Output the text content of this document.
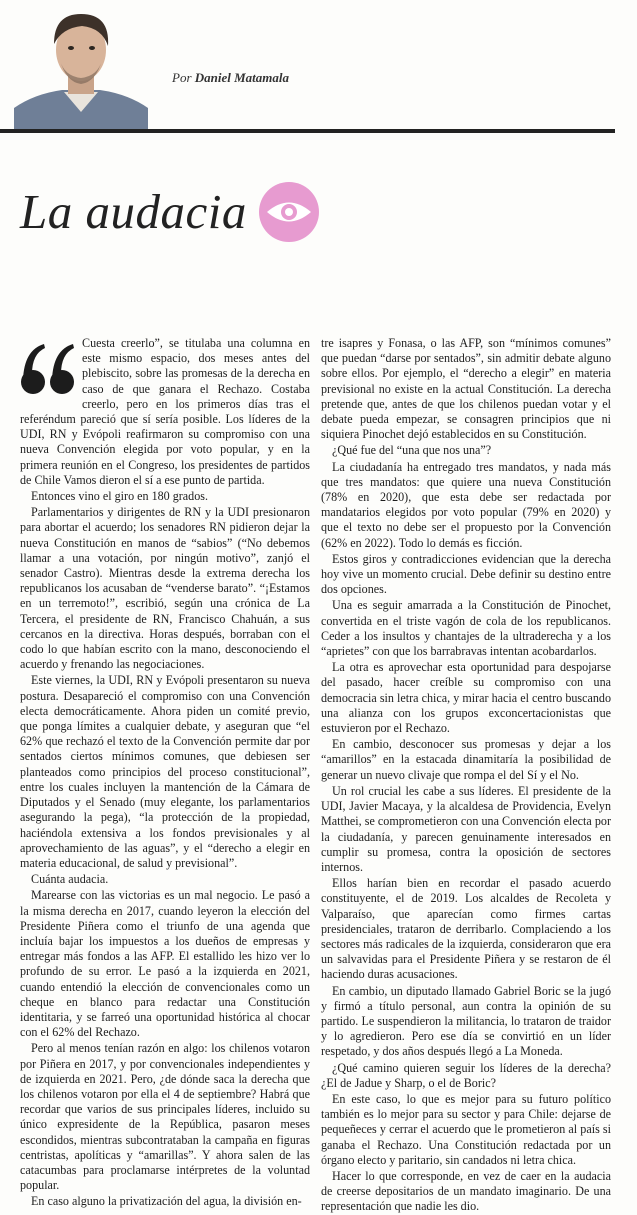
Por Daniel Matamala
La audacia

Cuesta creerlo”, se titulaba una columna en este mismo espacio, dos meses antes del plebiscito, sobre las promesas de la derecha en caso de que ganara el Rechazo. Costaba creerlo, pero en los primeros días tras el referéndum pareció que sí sería posible. Los líderes de la UDI, RN y Evópoli reafirmaron su compromiso con una nueva Convención elegida por voto popular, y en la primera reunión en el Congreso, los presidentes de partidos de Chile Vamos dieron el sí a ese punto de partida.

Entonces vino el giro en 180 grados.

Parlamentarios y dirigentes de RN y la UDI presionaron para abortar el acuerdo; los senadores RN pidieron dejar la nueva Constitución en manos de “sabios” (“No debemos llamar a una votación, por ningún motivo”, zanjó el senador Castro). Mientras desde la extrema derecha los republicanos los acusaban de “venderse barato”. “¡Estamos en un terremoto!”, escribió, según una crónica de La Tercera, el presidente de RN, Francisco Chahuán, a sus cercanos en la directiva. Horas después, borraban con el codo lo que habían escrito con la mano, desconociendo el acuerdo y frenando las negociaciones.

Este viernes, la UDI, RN y Evópoli presentaron su nueva postura. Desapareció el compromiso con una Convención electa democráticamente. Ahora piden un comité previo, que ponga límites a cualquier debate, y aseguran que “el 62% que rechazó el texto de la Convención permite dar por sentados ciertos mínimos comunes, que debiesen ser planteados como principios del proceso constitucional”, entre los cuales incluyen la mantención de la Cámara de Diputados y el Senado (muy elegante, los parlamentarios asegurando la pega), “la protección de la propiedad, haciéndola extensiva a los fondos previsionales y al aprovechamiento de las aguas”, y el “derecho a elegir en materia educacional, de salud y previsional”.

Cuánta audacia.

Marearse con las victorias es un mal negocio. Le pasó a la misma derecha en 2017, cuando leyeron la elección del Presidente Piñera como el triunfo de una agenda que incluía bajar los impuestos a los dueños de empresas y entregar más fondos a las AFP. El estallido les hizo ver lo profundo de su error. Le pasó a la izquierda en 2021, cuando entendió la elección de convencionales como un cheque en blanco para redactar una Constitución identitaria, y se farreó una oportunidad histórica al chocar con el 62% del Rechazo.

Pero al menos tenían razón en algo: los chilenos votaron por Piñera en 2017, y por convencionales independientes y de izquierda en 2021. Pero, ¿de dónde saca la derecha que los chilenos votaron por ella el 4 de septiembre? Habrá que recordar que varios de sus principales líderes, incluido su único expresidente de la República, pasaron meses escondidos, mientras subcontrataban la campaña en figuras centristas, apolíticas y “amarillas”. Y ahora salen de las catacumbas para proclamarse intérpretes de la voluntad popular.

En caso alguno la privatización del agua, la división en-

tre isapres y Fonasa, o las AFP, son “mínimos comunes” que puedan “darse por sentados”, sin admitir debate alguno sobre ellos. Por ejemplo, el “derecho a elegir” en materia previsional no existe en la actual Constitución. La derecha pretende que, antes de que los chilenos puedan votar y el debate pueda empezar, se consagren principios que ni siquiera Pinochet dejó establecidos en su Constitución.

¿Qué fue del “una que nos una”?

La ciudadanía ha entregado tres mandatos, y nada más que tres mandatos: que quiere una nueva Constitución (78% en 2020), que esta debe ser redactada por mandatarios elegidos por voto popular (79% en 2020) y que el texto no debe ser el propuesto por la Convención (62% en 2022). Todo lo demás es ficción.

Estos giros y contradicciones evidencian que la derecha hoy vive un momento crucial. Debe definir su destino entre dos opciones.

Una es seguir amarrada a la Constitución de Pinochet, convertida en el triste vagón de cola de los republicanos. Ceder a los insultos y chantajes de la ultraderecha y a los “aprietes” con que los barrabravas intentan acobardarlos.

La otra es aprovechar esta oportunidad para despojarse del pasado, hacer creíble su compromiso con una democracia sin letra chica, y mirar hacia el centro buscando una alianza con los grupos exconcertacionistas que estuvieron por el Rechazo.

En cambio, desconocer sus promesas y dejar a los “amarillos” en la estacada dinamitaría la posibilidad de generar un nuevo clivaje que rompa el del Sí y el No.

Un rol crucial les cabe a sus líderes. El presidente de la UDI, Javier Macaya, y la alcaldesa de Providencia, Evelyn Matthei, se comprometieron con una Convención electa por la ciudadanía, y parecen genuinamente interesados en cumplir su promesa, contra la oposición de sectores internos.

Ellos harían bien en recordar el pasado acuerdo constituyente, el de 2019. Los alcaldes de Recoleta y Valparaíso, que aparecían como firmes cartas presidenciales, trataron de derribarlo. Complaciendo a los sectores más radicales de la izquierda, consideraron que era un salvavidas para el Presidente Piñera y se restaron de él haciendo duras acusaciones.

En cambio, un diputado llamado Gabriel Boric se la jugó y firmó a título personal, aun contra la opinión de su partido. Le suspendieron la militancia, lo trataron de traidor y lo agredieron. Pero ese día se convirtió en un líder respetado, y dos años después llegó a La Moneda.

¿Qué camino quieren seguir los líderes de la derecha? ¿El de Jadue y Sharp, o el de Boric?

En este caso, lo que es mejor para su futuro político también es lo mejor para su sector y para Chile: dejarse de pequeñeces y cerrar el acuerdo que le prometieron al país si ganaba el Rechazo. Una Constitución redactada por un órgano electo y paritario, sin candados ni letra chica.

Hacer lo que corresponde, en vez de caer en la audacia de creerse depositarios de un mandato imaginario. De una representación que nadie les dio.
